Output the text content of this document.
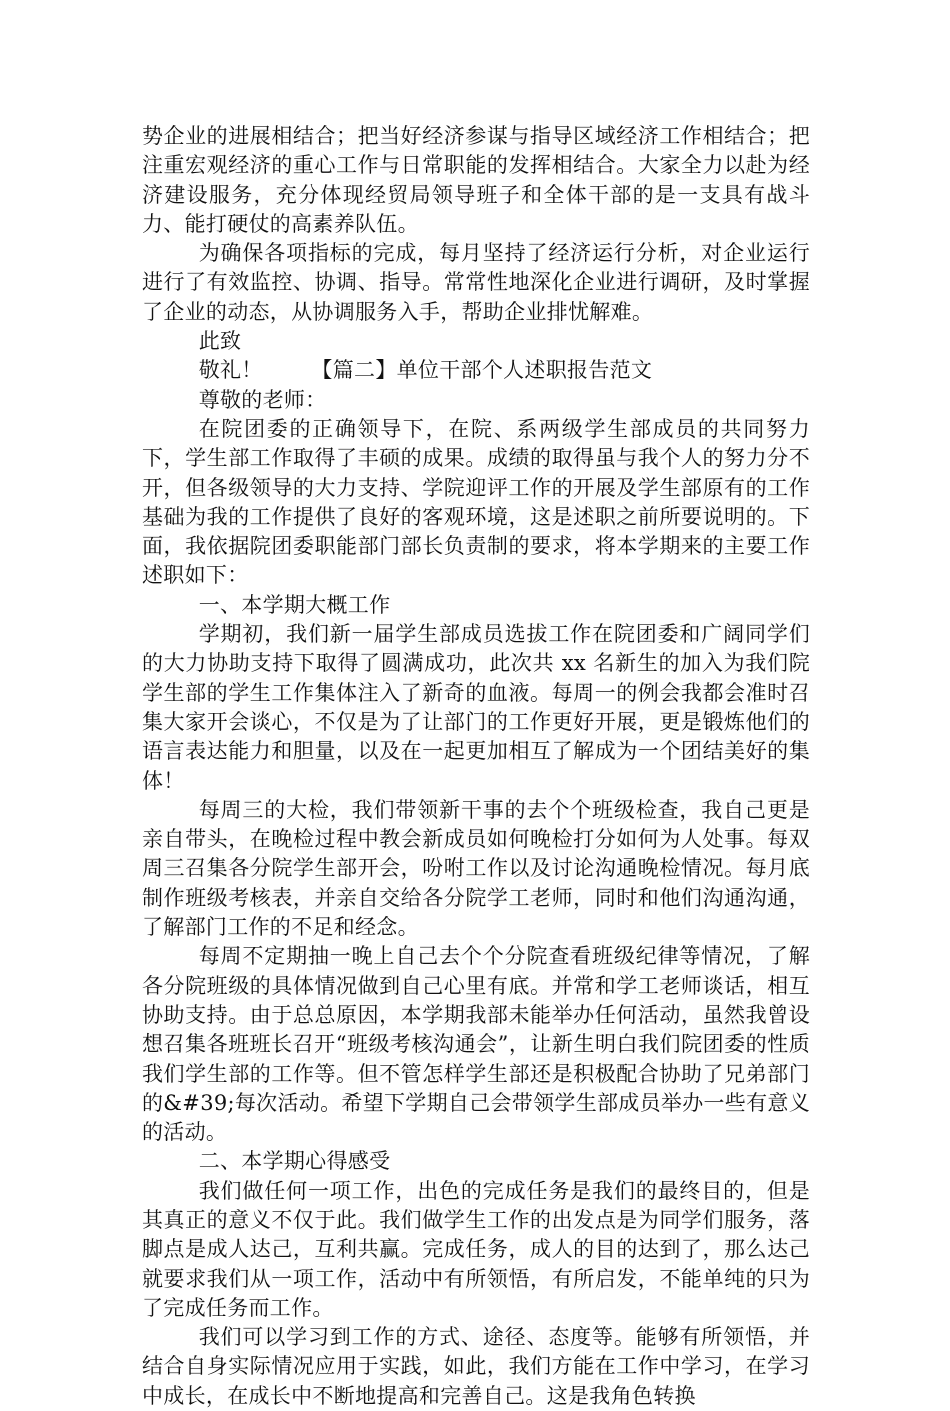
势企业的进展相结合；把当好经济参谋与指导区域经济工作相结合；把注重宏观经济的重心工作与日常职能的发挥相结合。大家全力以赴为经济建设服务，充分体现经贸局领导班子和全体干部的是一支具有战斗力、能打硬仗的高素养队伍。

为确保各项指标的完成，每月坚持了经济运行分析，对企业运行进行了有效监控、协调、指导。常常性地深化企业进行调研，及时掌握了企业的动态，从协调服务入手，帮助企业排忧解难。

此致

敬礼！       【篇二】单位干部个人述职报告范文

尊敬的老师：

在院团委的正确领导下，在院、系两级学生部成员的共同努力下，学生部工作取得了丰硕的成果。成绩的取得虽与我个人的努力分不开，但各级领导的大力支持、学院迎评工作的开展及学生部原有的工作基础为我的工作提供了良好的客观环境，这是述职之前所要说明的。下面，我依据院团委职能部门部长负责制的要求，将本学期来的主要工作述职如下：

一、本学期大概工作

学期初，我们新一届学生部成员选拔工作在院团委和广阔同学们的大力协助支持下取得了圆满成功，此次共 xx 名新生的加入为我们院学生部的学生工作集体注入了新奇的血液。每周一的例会我都会准时召集大家开会谈心，不仅是为了让部门的工作更好开展，更是锻炼他们的语言表达能力和胆量，以及在一起更加相互了解成为一个团结美好的集体！

每周三的大检，我们带领新干事的去个个班级检查，我自己更是亲自带头，在晚检过程中教会新成员如何晚检打分如何为人处事。每双周三召集各分院学生部开会，吩咐工作以及讨论沟通晚检情况。每月底制作班级考核表，并亲自交给各分院学工老师，同时和他们沟通沟通，了解部门工作的不足和经念。

每周不定期抽一晚上自己去个个分院查看班级纪律等情况，了解各分院班级的具体情况做到自己心里有底。并常和学工老师谈话，相互协助支持。由于总总原因，本学期我部未能举办任何活动，虽然我曾设想召集各班班长召开“班级考核沟通会”，让新生明白我们院团委的性质我们学生部的工作等。但不管怎样学生部还是积极配合协助了兄弟部门的&#39;每次活动。希望下学期自己会带领学生部成员举办一些有意义的活动。

二、本学期心得感受

我们做任何一项工作，出色的完成任务是我们的最终目的，但是其真正的意义不仅于此。我们做学生工作的出发点是为同学们服务，落脚点是成人达己，互利共赢。完成任务，成人的目的达到了，那么达己就要求我们从一项工作，活动中有所领悟，有所启发，不能单纯的只为了完成任务而工作。

我们可以学习到工作的方式、途径、态度等。能够有所领悟，并结合自身实际情况应用于实践，如此，我们方能在工作中学习，在学习中成长，在成长中不断地提高和完善自己。这是我角色转换
